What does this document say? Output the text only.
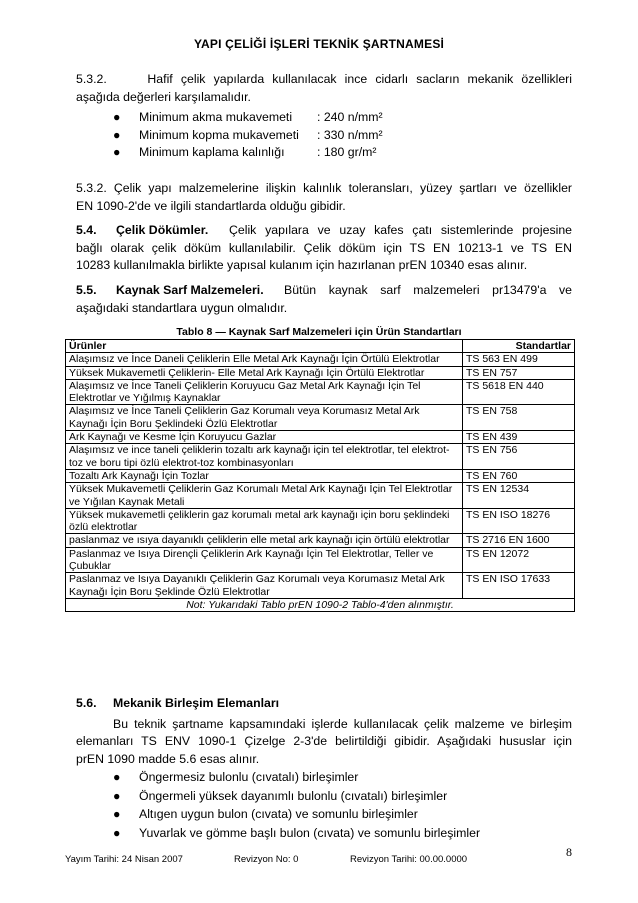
YAPI ÇELİĞİ İŞLERİ TEKNİK ŞARTNAMESİ
5.3.2.     Hafif çelik yapılarda kullanılacak ince cidarlı sacların mekanik özellikleri
aşağıda değerleri karşılamalıdır.
● Minimum akma mukavemeti : 240 n/mm²
● Minimum kopma mukavemeti : 330 n/mm²
● Minimum kaplama kalınlığı	: 180 gr/m²
5.3.2. Çelik yapı malzemelerine ilişkin kalınlık toleransları, yüzey şartları ve özellikler
EN 1090-2'de ve ilgili standartlarda olduğu gibidir.
5.4.	Çelik Dökümler.	Çelik yapılara ve uzay kafes çatı sistemlerinde projesine
bağlı olarak çelik döküm kullanılabilir. Çelik döküm için TS EN 10213-1 ve TS EN
10283 kullanılmakla birlikte yapısal kulanım için hazırlanan prEN 10340 esas alınır.
5.5.	Kaynak Sarf Malzemeleri.	Bütün kaynak sarf malzemeleri pr13479'a ve
aşağıdaki standartlara uygun olmalıdır.
Tablo 8 — Kaynak Sarf Malzemeleri için Ürün Standartları
Ürünler	Standartlar
Alaşımsız ve İnce Daneli Çeliklerin Elle Metal Ark Kaynağı İçin Örtülü Elektrotlar	TS 563 EN 499
Yüksek Mukavemetli Çeliklerin- Elle Metal Ark Kaynağı İçin Örtülü Elektrotlar	TS EN 757
Alaşımsız ve İnce Taneli Çeliklerin Koruyucu Gaz Metal Ark Kaynağı İçin Tel Elektrotlar ve Yığılmış Kaynaklar	TS 5618 EN 440
Alaşımsız ve İnce Taneli Çeliklerin Gaz Korumalı veya Korumasız Metal Ark Kaynağı İçin Boru Şeklindeki Özlü Elektrotlar	TS EN 758
Ark Kaynağı ve Kesme İçin Koruyucu Gazlar	TS EN 439
Alaşımsız ve ince taneli çeliklerin tozaltı ark kaynağı için tel elektrotlar, tel elektrot-toz ve boru tipi özlü elektrot-toz kombinasyonları	TS EN 756
Tozaltı Ark Kaynağı İçin Tozlar	TS EN 760
Yüksek Mukavemetli Çeliklerin Gaz Korumalı Metal Ark Kaynağı İçin Tel Elektrotlar ve Yığılan Kaynak Metali	TS EN 12534
Yüksek mukavemetli çeliklerin gaz korumalı metal ark kaynağı için boru şeklindeki özlü elektrotlar	TS EN ISO 18276
paslanmaz ve ısıya dayanıklı çeliklerin elle metal ark kaynağı için örtülü elektrotlar	TS 2716 EN 1600
Paslanmaz ve Isıya Dirençli Çeliklerin Ark Kaynağı İçin Tel Elektrotlar, Teller ve Çubuklar	TS EN 12072
Paslanmaz ve Isıya Dayanıklı Çeliklerin Gaz Korumalı veya Korumasız Metal Ark Kaynağı İçin Boru Şeklinde Özlü Elektrotlar	TS EN ISO 17633
Not: Yukarıdaki Tablo prEN 1090-2 Tablo-4'den alınmıştır.	
5.6.	Mekanik Birleşim Elemanları
Bu teknik şartname kapsamındaki işlerde kullanılacak çelik malzeme ve birleşim
elemanları TS ENV 1090-1 Çizelge 2-3'de belirtildiği gibidir. Aşağıdaki hususlar için
prEN 1090 madde 5.6 esas alınır.
● Öngermesiz bulonlu (cıvatalı) birleşimler
● Öngermeli yüksek dayanımlı bulonlu (cıvatalı) birleşimler
● Altıgen uygun bulon (cıvata) ve somunlu birleşimler
● Yuvarlak ve gömme başlı bulon (cıvata) ve somunlu birleşimler
Yayım Tarihi: 24 Nisan 2007	Revizyon No: 0	Revizyon Tarihi: 00.00.0000
8
